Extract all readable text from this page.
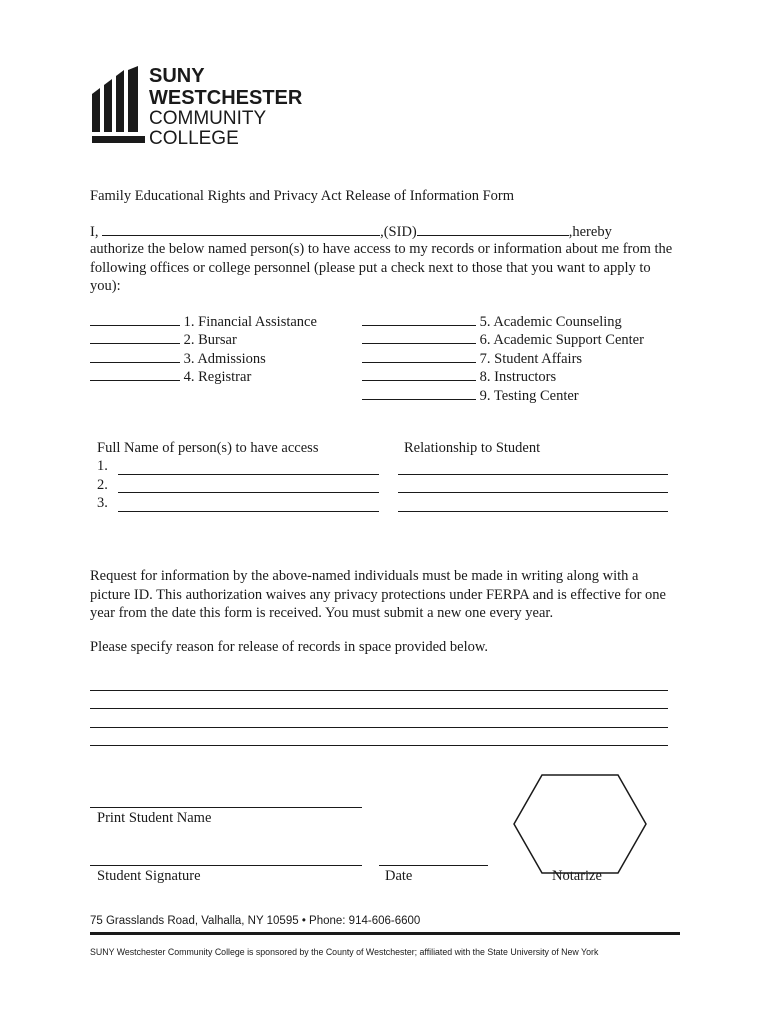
SUNY
WESTCHESTER
COMMUNITY
COLLEGE
Family Educational Rights and Privacy Act Release of Information Form
I,	,(SID)	,hereby
authorize the below named person(s) to have access to my records or information about me from the following offices or college personnel (please put a check next to those that you want to apply to you):
1. Financial Assistance
2. Bursar
3. Admissions
4. Registrar
5. Academic Counseling
6. Academic Support Center
7. Student Affairs
8. Instructors
9. Testing Center
Full Name of person(s) to have access	Relationship to Student
1.
2.
3.
Request for information by the above-named individuals must be made in writing along with a picture ID. This authorization waives any privacy protections under FERPA and is effective for one year from the date this form is received. You must submit a new one every year.
Please specify reason for release of records in space provided below.
Print Student Name
Student Signature	Date	Notarize
75 Grasslands Road, Valhalla, NY 10595 • Phone: 914-606-6600
SUNY Westchester Community College is sponsored by the County of Westchester; affiliated with the State University of New York
